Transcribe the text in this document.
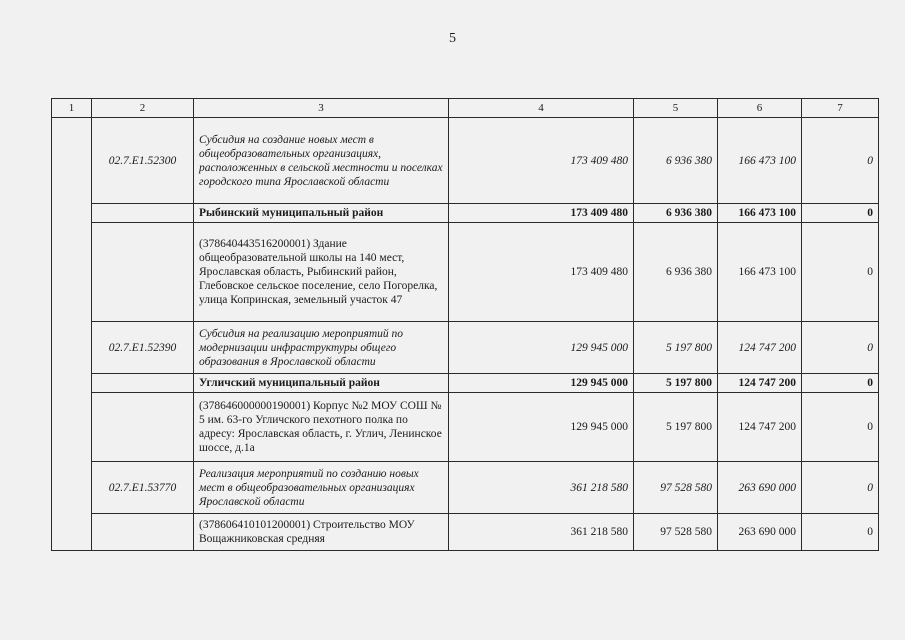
5
1	2	3	4	5	6	7
	02.7.E1.52300	Субсидия на создание новых мест в общеобразовательных организациях, расположенных в сельской местности и поселках городского типа Ярославской области	173 409 480	6 936 380	166 473 100	0
		Рыбинский муниципальный район	173 409 480	6 936 380	166 473 100	0
		(378640443516200001) Здание общеобразовательной школы на 140 мест, Ярославская область, Рыбинский район, Глебовское сельское поселение, село Погорелка, улица Копринская, земельный участок 47	173 409 480	6 936 380	166 473 100	0
	02.7.E1.52390	Субсидия на реализацию мероприятий по модернизации инфраструктуры общего образования в Ярославской области	129 945 000	5 197 800	124 747 200	0
		Угличский муниципальный район	129 945 000	5 197 800	124 747 200	0
		(378646000000190001) Корпус №2 МОУ СОШ № 5 им. 63-го Угличского пехотного полка по адресу: Ярославская область, г. Углич, Ленинское шоссе, д.1а	129 945 000	5 197 800	124 747 200	0
	02.7.E1.53770	Реализация мероприятий по созданию новых мест в общеобразовательных организациях Ярославской области	361 218 580	97 528 580	263 690 000	0
		(378606410101200001) Строительство МОУ Вощажниковская средняя	361 218 580	97 528 580	263 690 000	0
